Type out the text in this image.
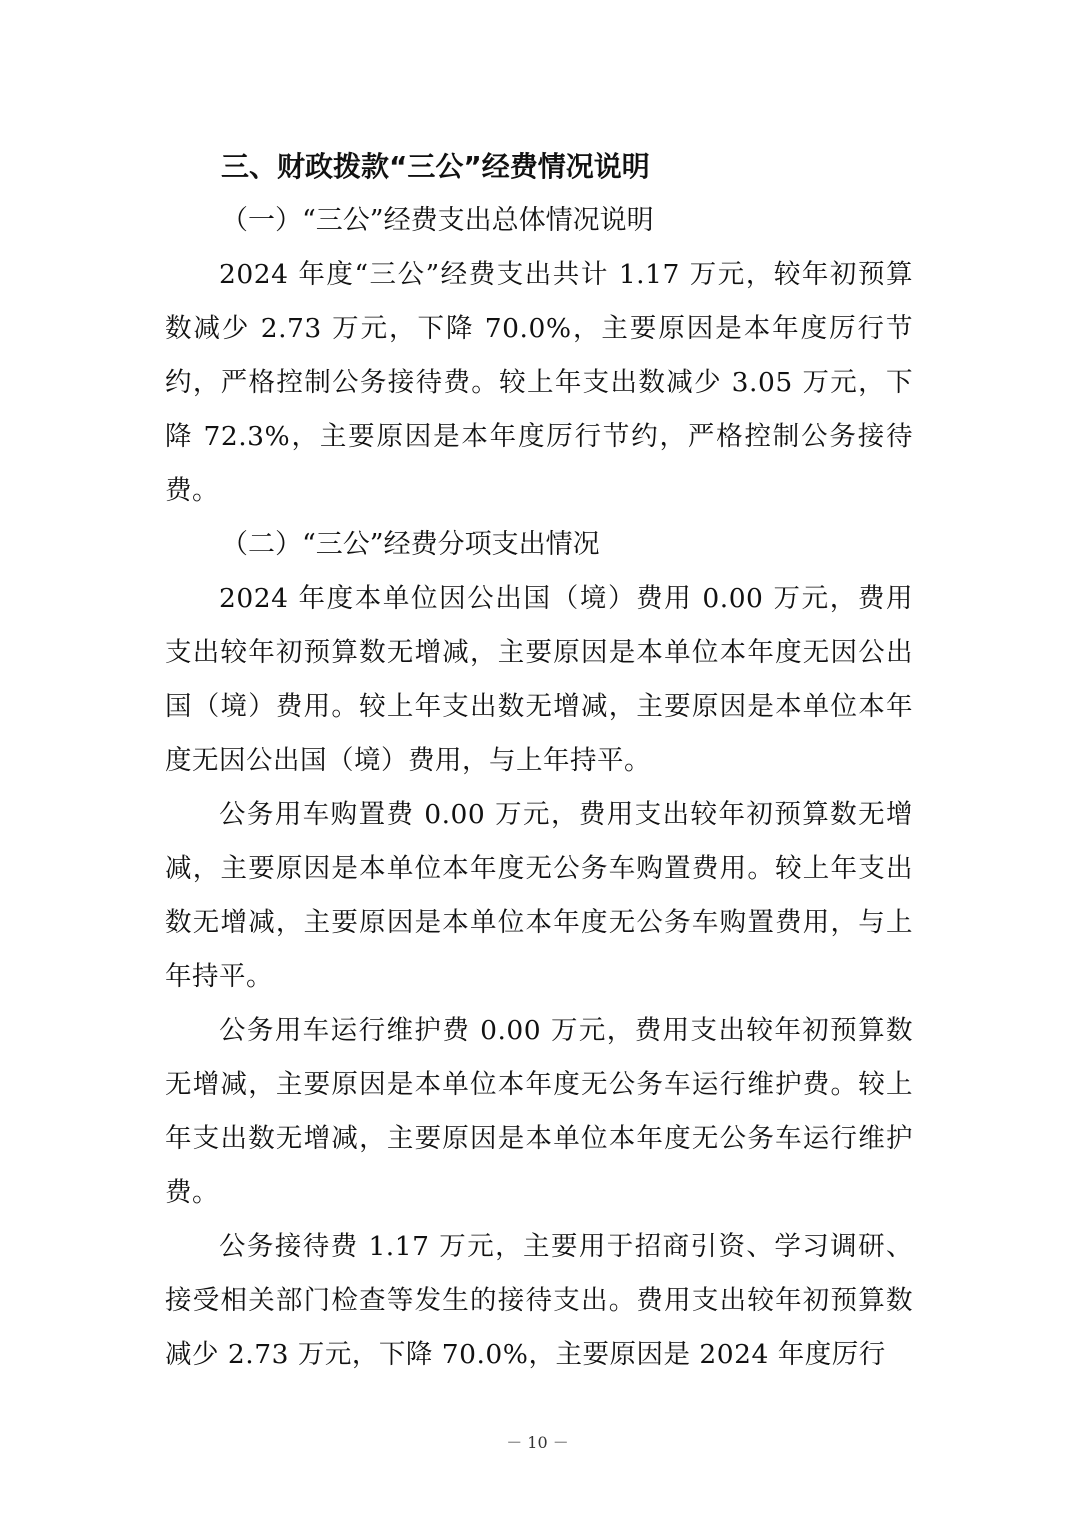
三、财政拨款“三公”经费情况说明

（一）“三公”经费支出总体情况说明

2024 年度“三公”经费支出共计 1.17 万元，较年初预算数减少 2.73 万元，下降 70.0%，主要原因是本年度厉行节约，严格控制公务接待费。较上年支出数减少 3.05 万元，下降 72.3%，主要原因是本年度厉行节约，严格控制公务接待费。

（二）“三公”经费分项支出情况

2024 年度本单位因公出国（境）费用 0.00 万元，费用支出较年初预算数无增减，主要原因是本单位本年度无因公出国（境）费用。较上年支出数无增减，主要原因是本单位本年度无因公出国（境）费用，与上年持平。

公务用车购置费 0.00 万元，费用支出较年初预算数无增减，主要原因是本单位本年度无公务车购置费用。较上年支出数无增减，主要原因是本单位本年度无公务车购置费用，与上年持平。

公务用车运行维护费 0.00 万元，费用支出较年初预算数无增减，主要原因是本单位本年度无公务车运行维护费。较上年支出数无增减，主要原因是本单位本年度无公务车运行维护费。

公务接待费 1.17 万元，主要用于招商引资、学习调研、接受相关部门检查等发生的接待支出。费用支出较年初预算数减少 2.73 万元，下降 70.0%，主要原因是 2024 年度厉行

－ 10 －
